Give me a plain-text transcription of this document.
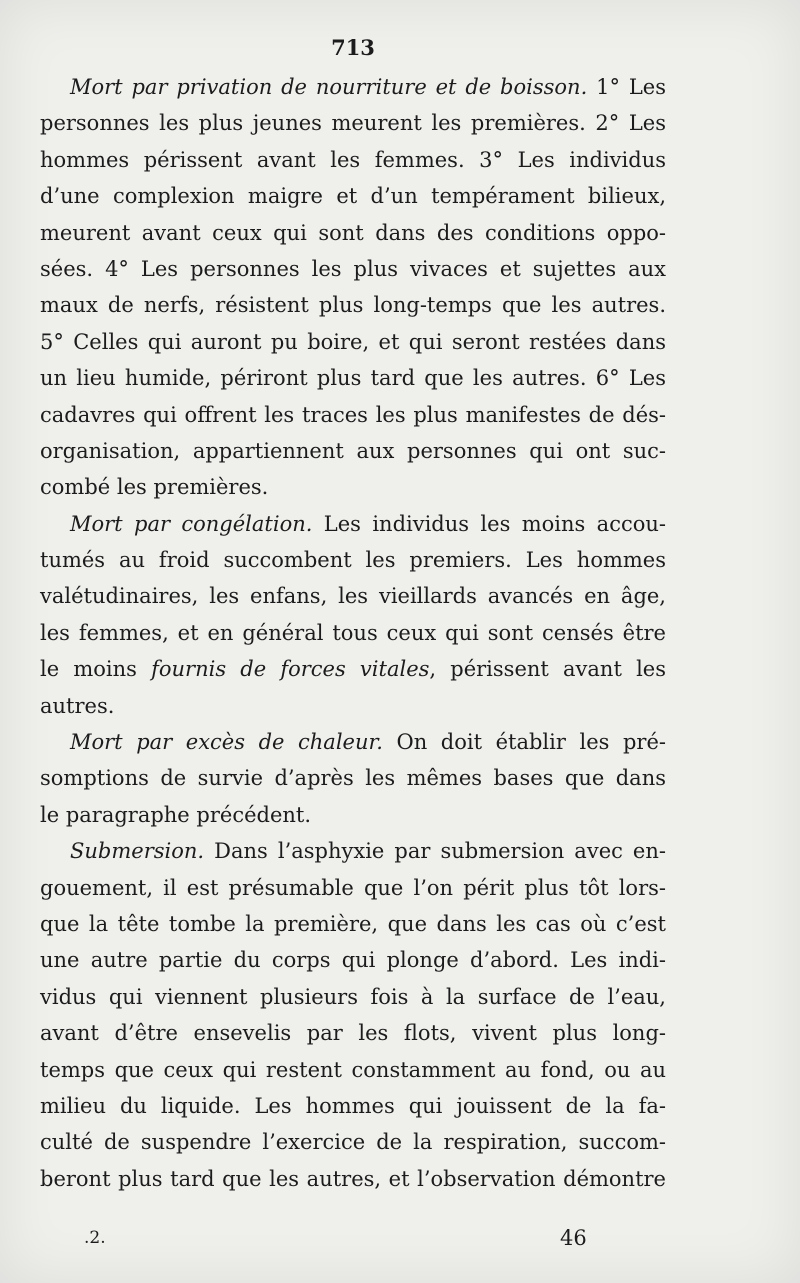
713
Mort par privation de nourriture et de boisson. 1° Les
personnes les plus jeunes meurent les premières. 2° Les
hommes périssent avant les femmes. 3° Les individus
d’une complexion maigre et d’un tempérament bilieux,
meurent avant ceux qui sont dans des conditions oppo-
sées. 4° Les personnes les plus vivaces et sujettes aux
maux de nerfs, résistent plus long-temps que les autres.
5° Celles qui auront pu boire, et qui seront restées dans
un lieu humide, périront plus tard que les autres. 6° Les
cadavres qui offrent les traces les plus manifestes de dés-
organisation, appartiennent aux personnes qui ont suc-
combé les premières.
Mort par congélation. Les individus les moins accou-
tumés au froid succombent les premiers. Les hommes
valétudinaires, les enfans, les vieillards avancés en âge,
les femmes, et en général tous ceux qui sont censés être
le moins fournis de forces vitales, périssent avant les
autres.
Mort par excès de chaleur. On doit établir les pré-
somptions de survie d’après les mêmes bases que dans
le paragraphe précédent.
Submersion. Dans l’asphyxie par submersion avec en-
gouement, il est présumable que l’on périt plus tôt lors-
que la tête tombe la première, que dans les cas où c’est
une autre partie du corps qui plonge d’abord. Les indi-
vidus qui viennent plusieurs fois à la surface de l’eau,
avant d’être ensevelis par les flots, vivent plus long-
temps que ceux qui restent constamment au fond, ou au
milieu du liquide. Les hommes qui jouissent de la fa-
culté de suspendre l’exercice de la respiration, succom-
beront plus tard que les autres, et l’observation démontre
.2.	46
